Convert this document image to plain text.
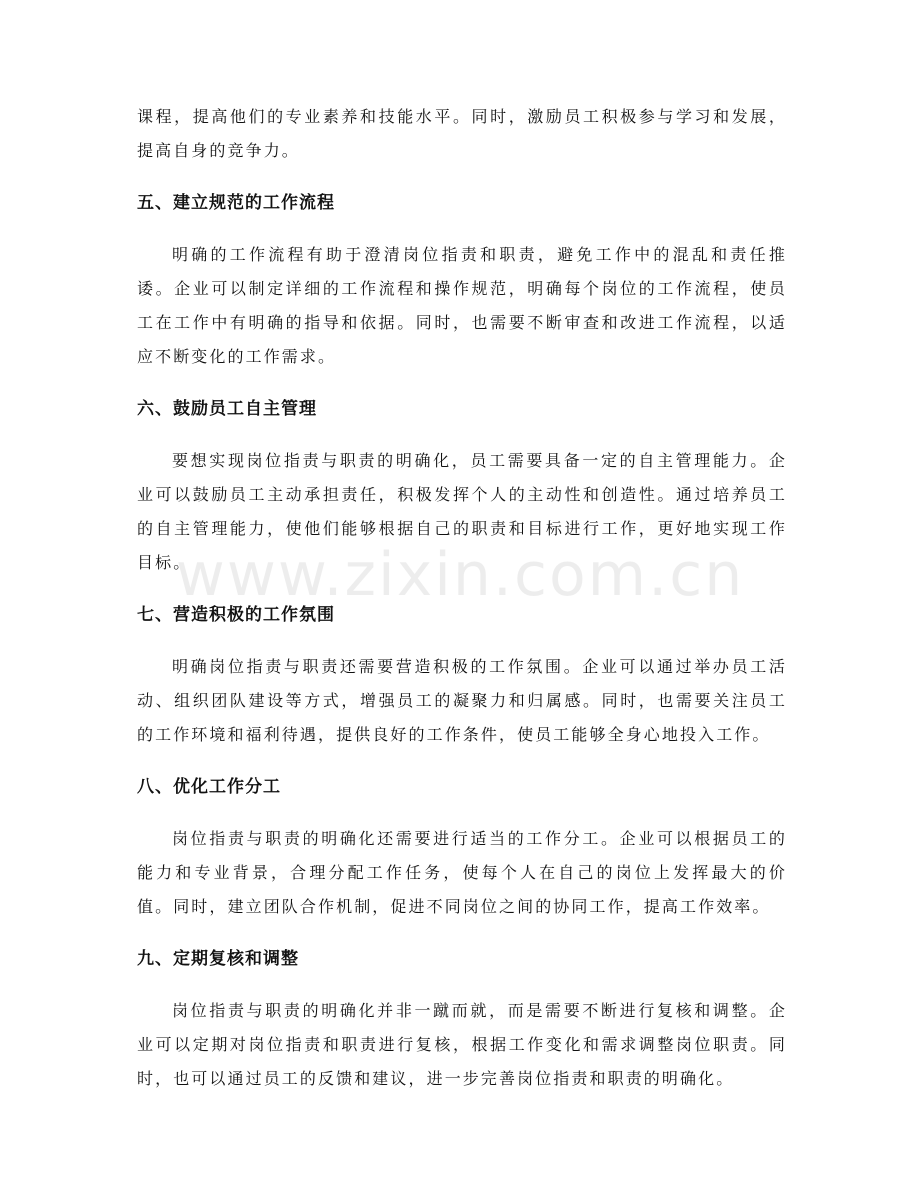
www.zixin.com.cn

课程，提高他们的专业素养和技能水平。同时，激励员工积极参与学习和发展，提高自身的竞争力。

五、建立规范的工作流程

明确的工作流程有助于澄清岗位指责和职责，避免工作中的混乱和责任推诿。企业可以制定详细的工作流程和操作规范，明确每个岗位的工作流程，使员工在工作中有明确的指导和依据。同时，也需要不断审查和改进工作流程，以适应不断变化的工作需求。

六、鼓励员工自主管理

要想实现岗位指责与职责的明确化，员工需要具备一定的自主管理能力。企业可以鼓励员工主动承担责任，积极发挥个人的主动性和创造性。通过培养员工的自主管理能力，使他们能够根据自己的职责和目标进行工作，更好地实现工作目标。

七、营造积极的工作氛围

明确岗位指责与职责还需要营造积极的工作氛围。企业可以通过举办员工活动、组织团队建设等方式，增强员工的凝聚力和归属感。同时，也需要关注员工的工作环境和福利待遇，提供良好的工作条件，使员工能够全身心地投入工作。

八、优化工作分工

岗位指责与职责的明确化还需要进行适当的工作分工。企业可以根据员工的能力和专业背景，合理分配工作任务，使每个人在自己的岗位上发挥最大的价值。同时，建立团队合作机制，促进不同岗位之间的协同工作，提高工作效率。

九、定期复核和调整

岗位指责与职责的明确化并非一蹴而就，而是需要不断进行复核和调整。企业可以定期对岗位指责和职责进行复核，根据工作变化和需求调整岗位职责。同时，也可以通过员工的反馈和建议，进一步完善岗位指责和职责的明确化。
